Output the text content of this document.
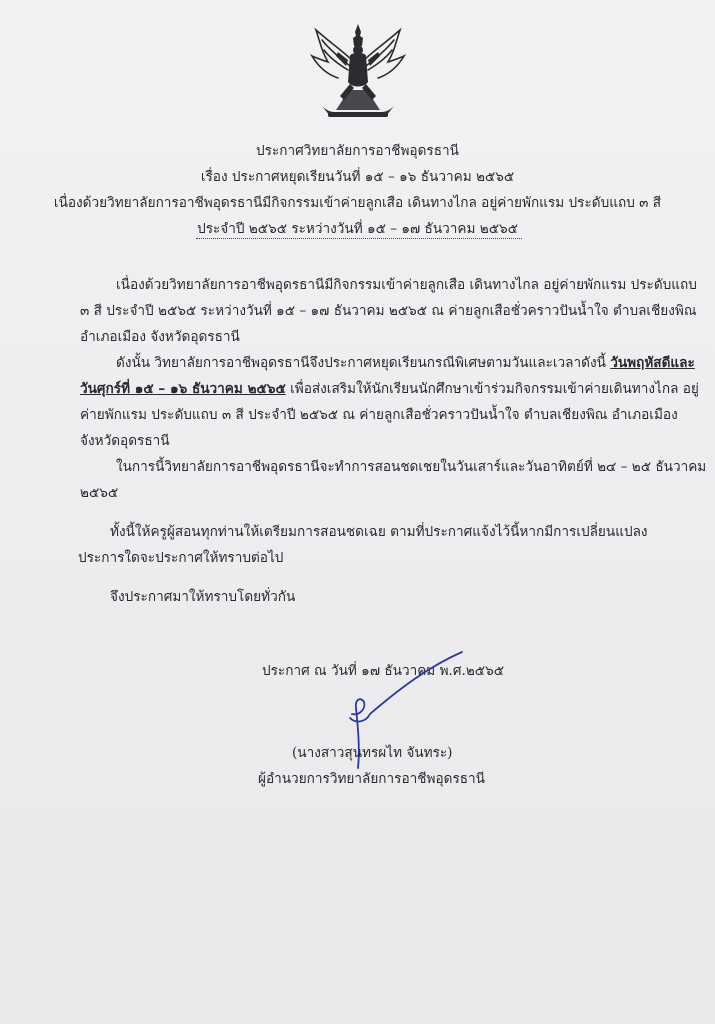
ประกาศวิทยาลัยการอาชีพอุดรธานี
เรื่อง ประกาศหยุดเรียนวันที่ ๑๕ – ๑๖ ธันวาคม ๒๕๖๕
เนื่องด้วยวิทยาลัยการอาชีพอุดรธานีมีกิจกรรมเข้าค่ายลูกเสือ เดินทางไกล อยู่ค่ายพักแรม ประดับแถบ ๓ สี
ประจำปี ๒๕๖๕ ระหว่างวันที่ ๑๕ – ๑๗ ธันวาคม ๒๕๖๕
เนื่องด้วยวิทยาลัยการอาชีพอุดรธานีมีกิจกรรมเข้าค่ายลูกเสือ เดินทางไกล อยู่ค่ายพักแรม ประดับแถบ
๓ สี ประจำปี ๒๕๖๕ ระหว่างวันที่ ๑๕ – ๑๗ ธันวาคม ๒๕๖๕ ณ ค่ายลูกเสือชั่วคราวปันน้ำใจ ตำบลเชียงพิณ
อำเภอเมือง จังหวัดอุดรธานี
ดังนั้น วิทยาลัยการอาชีพอุดรธานีจึงประกาศหยุดเรียนกรณีพิเศษตามวันและเวลาดังนี้ วันพฤหัสดีและ
วันศุกร์ที่ ๑๕ – ๑๖ ธันวาคม ๒๕๖๕ เพื่อส่งเสริมให้นักเรียนนักศึกษาเข้าร่วมกิจกรรมเข้าค่ายเดินทางไกล อยู่
ค่ายพักแรม ประดับแถบ ๓ สี ประจำปี ๒๕๖๕ ณ ค่ายลูกเสือชั่วคราวปันน้ำใจ ตำบลเชียงพิณ อำเภอเมือง
จังหวัดอุดรธานี
ในการนี้วิทยาลัยการอาชีพอุดรธานีจะทำการสอนชดเชยในวันเสาร์และวันอาทิตย์ที่ ๒๔ – ๒๕ ธันวาคม
๒๕๖๕
ทั้งนี้ให้ครูผู้สอนทุกท่านให้เตรียมการสอนชดเฉย ตามที่ประกาศแจ้งไว้นี้หากมีการเปลี่ยนแปลง
ประการใดจะประกาศให้ทราบต่อไป
จึงประกาศมาให้ทราบโดยทั่วกัน
ประกาศ ณ วันที่ ๑๗ ธันวาคม พ.ศ.๒๕๖๕
(นางสาวสุนทรผไท จันทระ)
ผู้อำนวยการวิทยาลัยการอาชีพอุดรธานี
